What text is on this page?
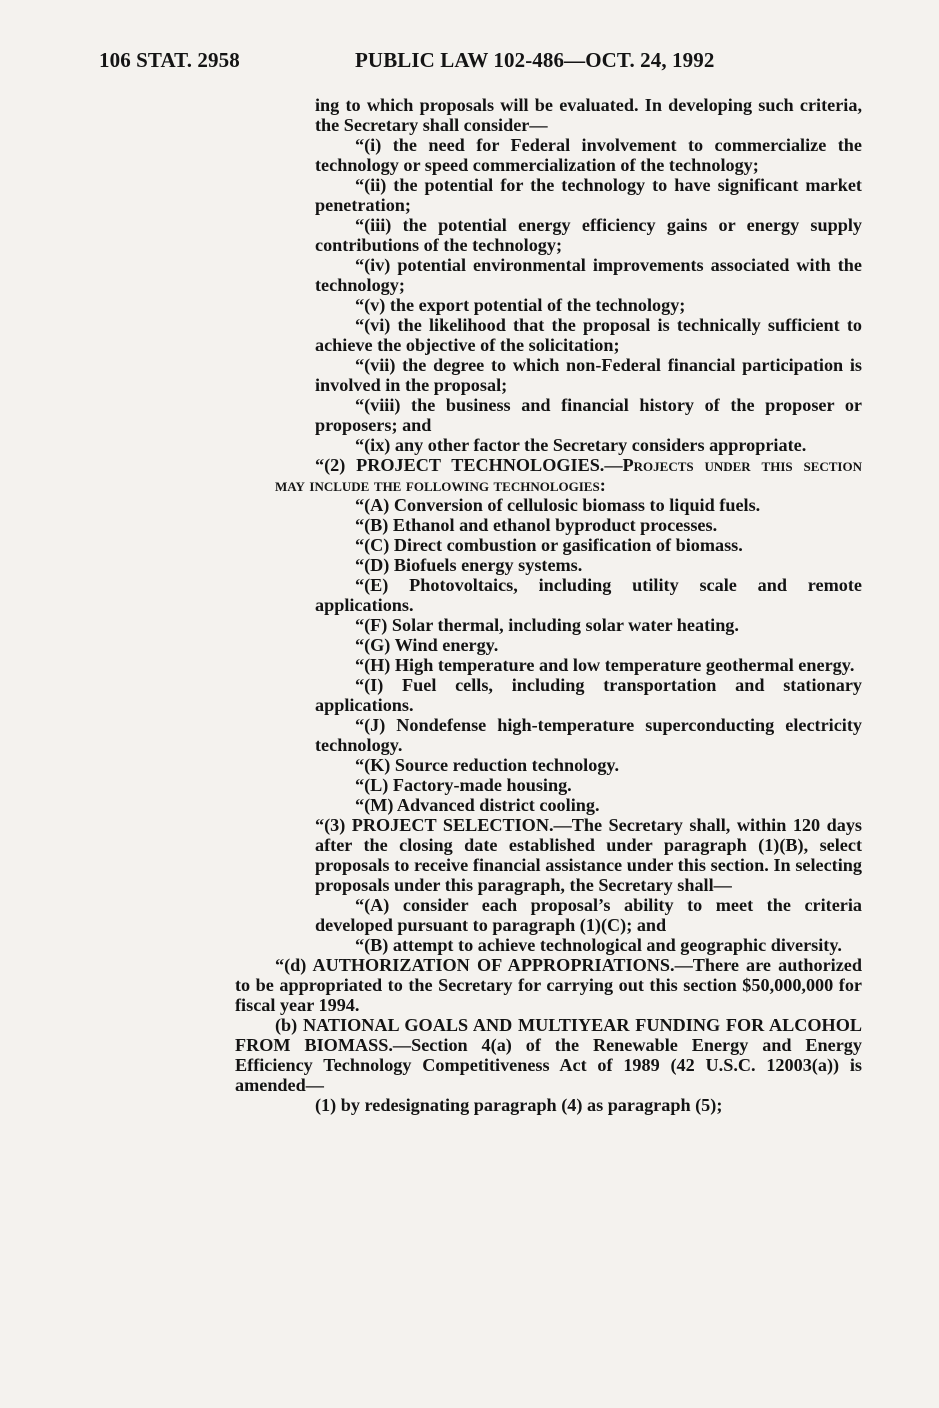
106 STAT. 2958	PUBLIC LAW 102-486—OCT. 24, 1992

ing to which proposals will be evaluated. In developing such criteria, the Secretary shall consider—

“(i) the need for Federal involvement to commercialize the technology or speed commercialization of the technology;

“(ii) the potential for the technology to have significant market penetration;

“(iii) the potential energy efficiency gains or energy supply contributions of the technology;

“(iv) potential environmental improvements associated with the technology;

“(v) the export potential of the technology;

“(vi) the likelihood that the proposal is technically sufficient to achieve the objective of the solicitation;

“(vii) the degree to which non-Federal financial participation is involved in the proposal;

“(viii) the business and financial history of the proposer or proposers; and

“(ix) any other factor the Secretary considers appropriate.

“(2) PROJECT TECHNOLOGIES.—Projects under this section may include the following technologies:

“(A) Conversion of cellulosic biomass to liquid fuels.

“(B) Ethanol and ethanol byproduct processes.

“(C) Direct combustion or gasification of biomass.

“(D) Biofuels energy systems.

“(E) Photovoltaics, including utility scale and remote applications.

“(F) Solar thermal, including solar water heating.

“(G) Wind energy.

“(H) High temperature and low temperature geothermal energy.

“(I) Fuel cells, including transportation and stationary applications.

“(J) Nondefense high-temperature superconducting electricity technology.

“(K) Source reduction technology.

“(L) Factory-made housing.

“(M) Advanced district cooling.

“(3) PROJECT SELECTION.—The Secretary shall, within 120 days after the closing date established under paragraph (1)(B), select proposals to receive financial assistance under this section. In selecting proposals under this paragraph, the Secretary shall—

“(A) consider each proposal’s ability to meet the criteria developed pursuant to paragraph (1)(C); and

“(B) attempt to achieve technological and geographic diversity.

“(d) AUTHORIZATION OF APPROPRIATIONS.—There are authorized to be appropriated to the Secretary for carrying out this section $50,000,000 for fiscal year 1994.

(b) NATIONAL GOALS AND MULTIYEAR FUNDING FOR ALCOHOL FROM BIOMASS.—Section 4(a) of the Renewable Energy and Energy Efficiency Technology Competitiveness Act of 1989 (42 U.S.C. 12003(a)) is amended—

(1) by redesignating paragraph (4) as paragraph (5);
